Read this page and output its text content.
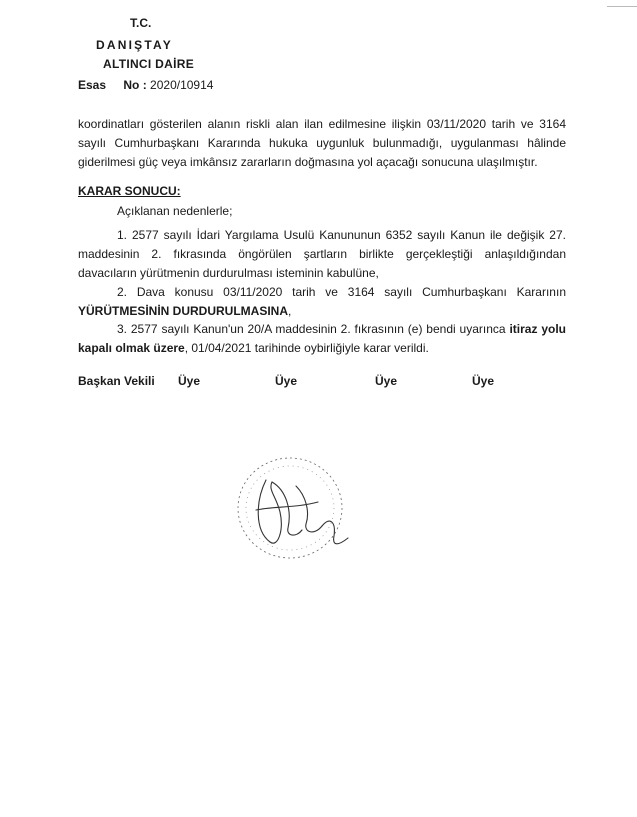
T.C.
DANIŞTAY
ALTINCI DAİRE
Esas No : 2020/10914
koordinatları gösterilen alanın riskli alan ilan edilmesine ilişkin 03/11/2020 tarih ve 3164 sayılı Cumhurbaşkanı Kararında hukuka uygunluk bulunmadığı, uygulanması hâlinde giderilmesi güç veya imkânsız zararların doğmasına yol açacağı sonucuna ulaşılmıştır.
KARAR SONUCU:
Açıklanan nedenlerle;
1. 2577 sayılı İdari Yargılama Usulü Kanununun 6352 sayılı Kanun ile değişik 27. maddesinin 2. fıkrasında öngörülen şartların birlikte gerçekleştiği anlaşıldığından davacıların yürütmenin durdurulması isteminin kabulüne,
2. Dava konusu 03/11/2020 tarih ve 3164 sayılı Cumhurbaşkanı Kararının YÜRÜTMESİNİN DURDURULMASINA,
3. 2577 sayılı Kanun'un 20/A maddesinin 2. fıkrasının (e) bendi uyarınca itiraz yolu kapalı olmak üzere, 01/04/2021 tarihinde oybirliğiyle karar verildi.
Başkan Vekili Üye	Üye	Üye	Üye
